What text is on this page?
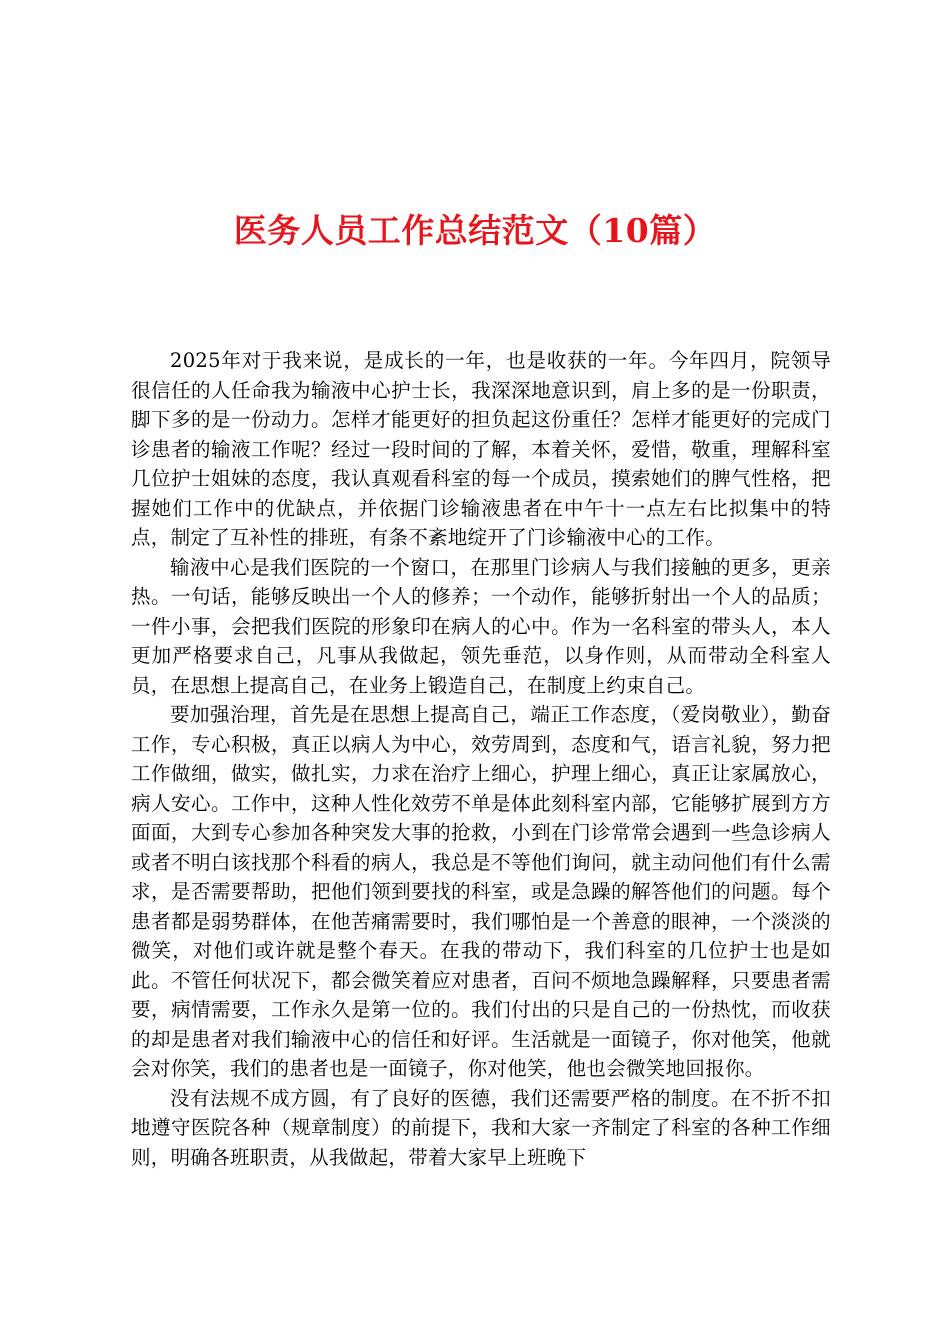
医务人员工作总结范文（10篇）

2025年对于我来说，是成长的一年，也是收获的一年。今年四月，院领导很信任的人任命我为输液中心护士长，我深深地意识到，肩上多的是一份职责，脚下多的是一份动力。怎样才能更好的担负起这份重任？怎样才能更好的完成门诊患者的输液工作呢？经过一段时间的了解，本着关怀，爱惜，敬重，理解科室几位护士姐妹的态度，我认真观看科室的每一个成员，摸索她们的脾气性格，把握她们工作中的优缺点，并依据门诊输液患者在中午十一点左右比拟集中的特点，制定了互补性的排班，有条不紊地绽开了门诊输液中心的工作。

输液中心是我们医院的一个窗口，在那里门诊病人与我们接触的更多，更亲热。一句话，能够反映出一个人的修养；一个动作，能够折射出一个人的品质；一件小事，会把我们医院的形象印在病人的心中。作为一名科室的带头人，本人更加严格要求自己，凡事从我做起，领先垂范，以身作则，从而带动全科室人员，在思想上提高自己，在业务上锻造自己，在制度上约束自己。

要加强治理，首先是在思想上提高自己，端正工作态度，（爱岗敬业），勤奋工作，专心积极，真正以病人为中心，效劳周到，态度和气，语言礼貌，努力把工作做细，做实，做扎实，力求在治疗上细心，护理上细心，真正让家属放心，病人安心。工作中，这种人性化效劳不单是体此刻科室内部，它能够扩展到方方面面，大到专心参加各种突发大事的抢救，小到在门诊常常会遇到一些急诊病人或者不明白该找那个科看的病人，我总是不等他们询问，就主动问他们有什么需求，是否需要帮助，把他们领到要找的科室，或是急躁的解答他们的问题。每个患者都是弱势群体，在他苦痛需要时，我们哪怕是一个善意的眼神，一个淡淡的微笑，对他们或许就是整个春天。在我的带动下，我们科室的几位护士也是如此。不管任何状况下，都会微笑着应对患者，百问不烦地急躁解释，只要患者需要，病情需要，工作永久是第一位的。我们付出的只是自己的一份热忱，而收获的却是患者对我们输液中心的信任和好评。生活就是一面镜子，你对他笑，他就会对你笑，我们的患者也是一面镜子，你对他笑，他也会微笑地回报你。

没有法规不成方圆，有了良好的医德，我们还需要严格的制度。在不折不扣地遵守医院各种（规章制度）的前提下，我和大家一齐制定了科室的各种工作细则，明确各班职责，从我做起，带着大家早上班晚下
